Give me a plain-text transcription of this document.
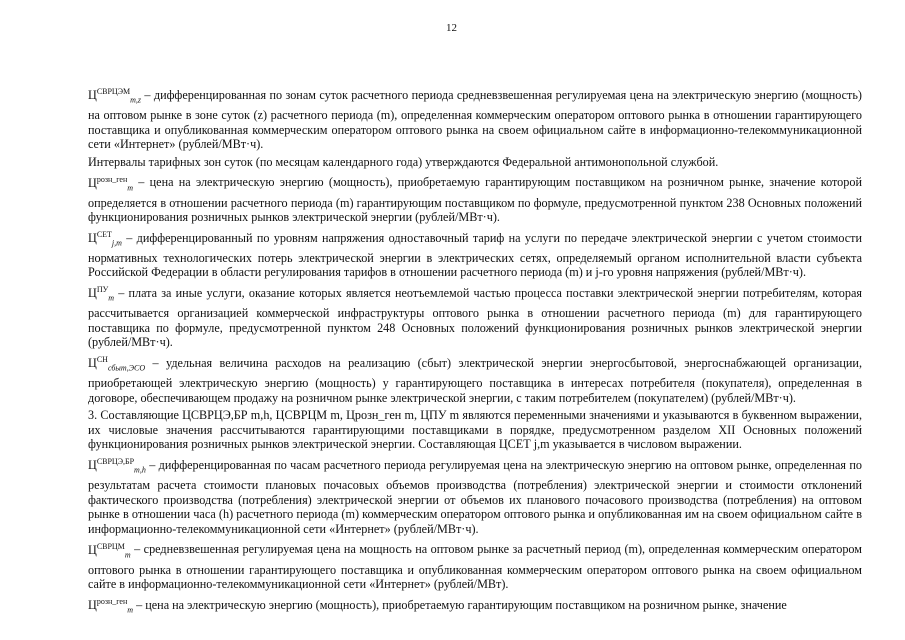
12

$Ц^{СВРЦЭМ}_{m,z}$ – дифференцированная по зонам суток расчетного периода средневзвешенная регулируемая цена на электрическую энергию (мощность) на оптовом рынке в зоне суток (z) расчетного периода (m), определенная коммерческим оператором оптового рынка в отношении гарантирующего поставщика и опубликованная коммерческим оператором оптового рынка на своем официальном сайте в информационно-телекоммуникационной сети «Интернет» (рублей/МВт·ч).

Интервалы тарифных зон суток (по месяцам календарного года) утверждаются Федеральной антимонопольной службой.

$Ц^{розн\_ген}_m$ – цена на электрическую энергию (мощность), приобретаемую гарантирующим поставщиком на розничном рынке, значение которой определяется в отношении расчетного периода (m) гарантирующим поставщиком по формуле, предусмотренной пунктом 238 Основных положений функционирования розничных рынков электрической энергии (рублей/МВт·ч).

$Ц^{СЕТ}_{j,m}$ – дифференцированный по уровням напряжения одноставочный тариф на услуги по передаче электрической энергии с учетом стоимости нормативных технологических потерь электрической энергии в электрических сетях, определяемый органом исполнительной власти субъекта Российской Федерации в области регулирования тарифов в отношении расчетного периода (m) и j-го уровня напряжения (рублей/МВт·ч).

$Ц^{ПУ}_m$ – плата за иные услуги, оказание которых является неотъемлемой частью процесса поставки электрической энергии потребителям, которая рассчитывается организацией коммерческой инфраструктуры оптового рынка в отношении расчетного периода (m) для гарантирующего поставщика по формуле, предусмотренной пунктом 248 Основных положений функционирования розничных рынков электрической энергии (рублей/МВт·ч).

$Ц^{СН}_{сбыт,ЭСО}$ – удельная величина расходов на реализацию (сбыт) электрической энергии энергосбытовой, энергоснабжающей организации, приобретающей электрическую энергию (мощность) у гарантирующего поставщика в интересах потребителя (покупателя), определенная в договоре, обеспечивающем продажу на розничном рынке электрической энергии, с таким потребителем (покупателем) (рублей/МВт·ч).

3. Составляющие ЦСВРЦЭ,БР m,h, ЦСВРЦМ m, Црозн_ген m, ЦПУ m являются переменными значениями и указываются в буквенном выражении, их числовые значения рассчитываются гарантирующими поставщиками в порядке, предусмотренном разделом XII Основных положений функционирования розничных рынков электрической энергии. Составляющая ЦСЕТ j,m указывается в числовом выражении.

$Ц^{СВРЦЭ,БР}_{m,h}$ – дифференцированная по часам расчетного периода регулируемая цена на электрическую энергию на оптовом рынке, определенная по результатам расчета стоимости плановых почасовых объемов производства (потребления) электрической энергии и стоимости отклонений фактического производства (потребления) электрической энергии от объемов их планового почасового производства (потребления) на оптовом рынке в отношении часа (h) расчетного периода (m) коммерческим оператором оптового рынка и опубликованная им на своем официальном сайте в информационно-телекоммуникационной сети «Интернет» (рублей/МВт·ч).

$Ц^{СВРЦМ}_m$ – средневзвешенная регулируемая цена на мощность на оптовом рынке за расчетный период (m), определенная коммерческим оператором оптового рынка в отношении гарантирующего поставщика и опубликованная коммерческим оператором оптового рынка на своем официальном сайте в информационно-телекоммуникационной сети «Интернет» (рублей/МВт).

$Ц^{розн\_ген}_m$ – цена на электрическую энергию (мощность), приобретаемую гарантирующим поставщиком на розничном рынке, значение
